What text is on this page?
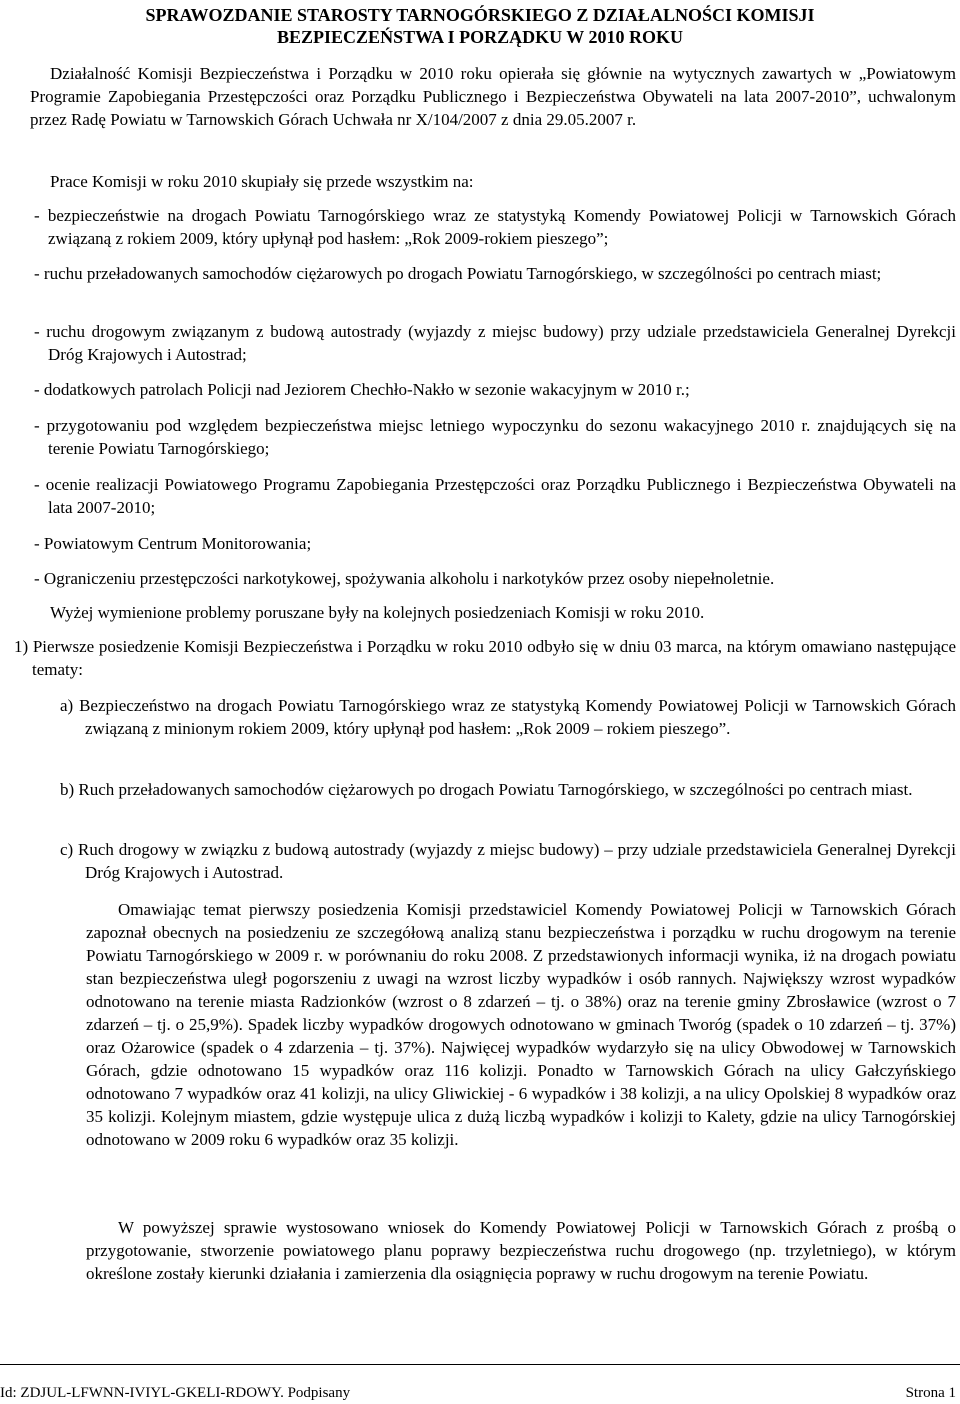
SPRAWOZDANIE STAROSTY TARNOGÓRSKIEGO Z DZIAŁALNOŚCI KOMISJI
BEZPIECZEŃSTWA I PORZĄDKU W 2010 ROKU

Działalność Komisji Bezpieczeństwa i Porządku w 2010 roku opierała się głównie na wytycznych zawartych w „Powiatowym Programie Zapobiegania Przestępczości oraz Porządku Publicznego i Bezpieczeństwa Obywateli na lata 2007-2010”, uchwalonym przez Radę Powiatu w Tarnowskich Górach Uchwała nr X/104/2007 z dnia 29.05.2007 r.

Prace Komisji w roku 2010 skupiały się przede wszystkim na:

- bezpieczeństwie na drogach Powiatu Tarnogórskiego wraz ze statystyką Komendy Powiatowej Policji w Tarnowskich Górach związaną z rokiem 2009, który upłynął pod hasłem: „Rok 2009-rokiem pieszego”;

- ruchu przeładowanych samochodów ciężarowych po drogach Powiatu Tarnogórskiego, w szczególności po centrach miast;

- ruchu drogowym związanym z budową autostrady (wyjazdy z miejsc budowy) przy udziale przedstawiciela Generalnej Dyrekcji Dróg Krajowych i Autostrad;

- dodatkowych patrolach Policji nad Jeziorem Chechło-Nakło w sezonie wakacyjnym w 2010 r.;

- przygotowaniu pod względem bezpieczeństwa miejsc letniego wypoczynku do sezonu wakacyjnego 2010 r. znajdujących się na terenie Powiatu Tarnogórskiego;

- ocenie realizacji Powiatowego Programu Zapobiegania Przestępczości oraz Porządku Publicznego i Bezpieczeństwa Obywateli na lata 2007-2010;

- Powiatowym Centrum Monitorowania;

- Ograniczeniu przestępczości narkotykowej, spożywania alkoholu i narkotyków przez osoby niepełnoletnie.

Wyżej wymienione problemy poruszane były na kolejnych posiedzeniach Komisji w roku 2010.

1) Pierwsze posiedzenie Komisji Bezpieczeństwa i Porządku w roku 2010 odbyło się w dniu 03 marca, na którym omawiano następujące tematy:

a) Bezpieczeństwo na drogach Powiatu Tarnogórskiego wraz ze statystyką Komendy Powiatowej Policji w Tarnowskich Górach związaną z minionym rokiem 2009, który upłynął pod hasłem: „Rok 2009 – rokiem pieszego”.

b) Ruch przeładowanych samochodów ciężarowych po drogach Powiatu Tarnogórskiego, w szczególności po centrach miast.

c) Ruch drogowy w związku z budową autostrady (wyjazdy z miejsc budowy) – przy udziale przedstawiciela Generalnej Dyrekcji Dróg Krajowych i Autostrad.

Omawiając temat pierwszy posiedzenia Komisji przedstawiciel Komendy Powiatowej Policji w Tarnowskich Górach zapoznał obecnych na posiedzeniu ze szczegółową analizą stanu bezpieczeństwa i porządku w ruchu drogowym na terenie Powiatu Tarnogórskiego w 2009 r. w porównaniu do roku 2008. Z przedstawionych informacji wynika, iż na drogach powiatu stan bezpieczeństwa uległ pogorszeniu z uwagi na wzrost liczby wypadków i osób rannych. Największy wzrost wypadków odnotowano na terenie miasta Radzionków (wzrost o 8 zdarzeń – tj. o 38%) oraz na terenie gminy Zbrosławice (wzrost o 7 zdarzeń – tj. o 25,9%). Spadek liczby wypadków drogowych odnotowano w gminach Tworóg (spadek o 10 zdarzeń – tj. 37%) oraz Ożarowice (spadek o 4 zdarzenia – tj. 37%). Najwięcej wypadków wydarzyło się na ulicy Obwodowej w Tarnowskich Górach, gdzie odnotowano 15 wypadków oraz 116 kolizji. Ponadto w Tarnowskich Górach na ulicy Gałczyńskiego odnotowano 7 wypadków oraz 41 kolizji, na ulicy Gliwickiej - 6 wypadków i 38 kolizji, a na ulicy Opolskiej 8 wypadków oraz 35 kolizji. Kolejnym miastem, gdzie występuje ulica z dużą liczbą wypadków i kolizji to Kalety, gdzie na ulicy Tarnogórskiej odnotowano w 2009 roku 6 wypadków oraz 35 kolizji.

W powyższej sprawie wystosowano wniosek do Komendy Powiatowej Policji w Tarnowskich Górach z prośbą o przygotowanie, stworzenie powiatowego planu poprawy bezpieczeństwa ruchu drogowego (np. trzyletniego), w którym określone zostały kierunki działania i zamierzenia dla osiągnięcia poprawy w ruchu drogowym na terenie Powiatu.

Id: ZDJUL-LFWNN-IVIYL-GKELI-RDOWY. Podpisany	Strona 1
